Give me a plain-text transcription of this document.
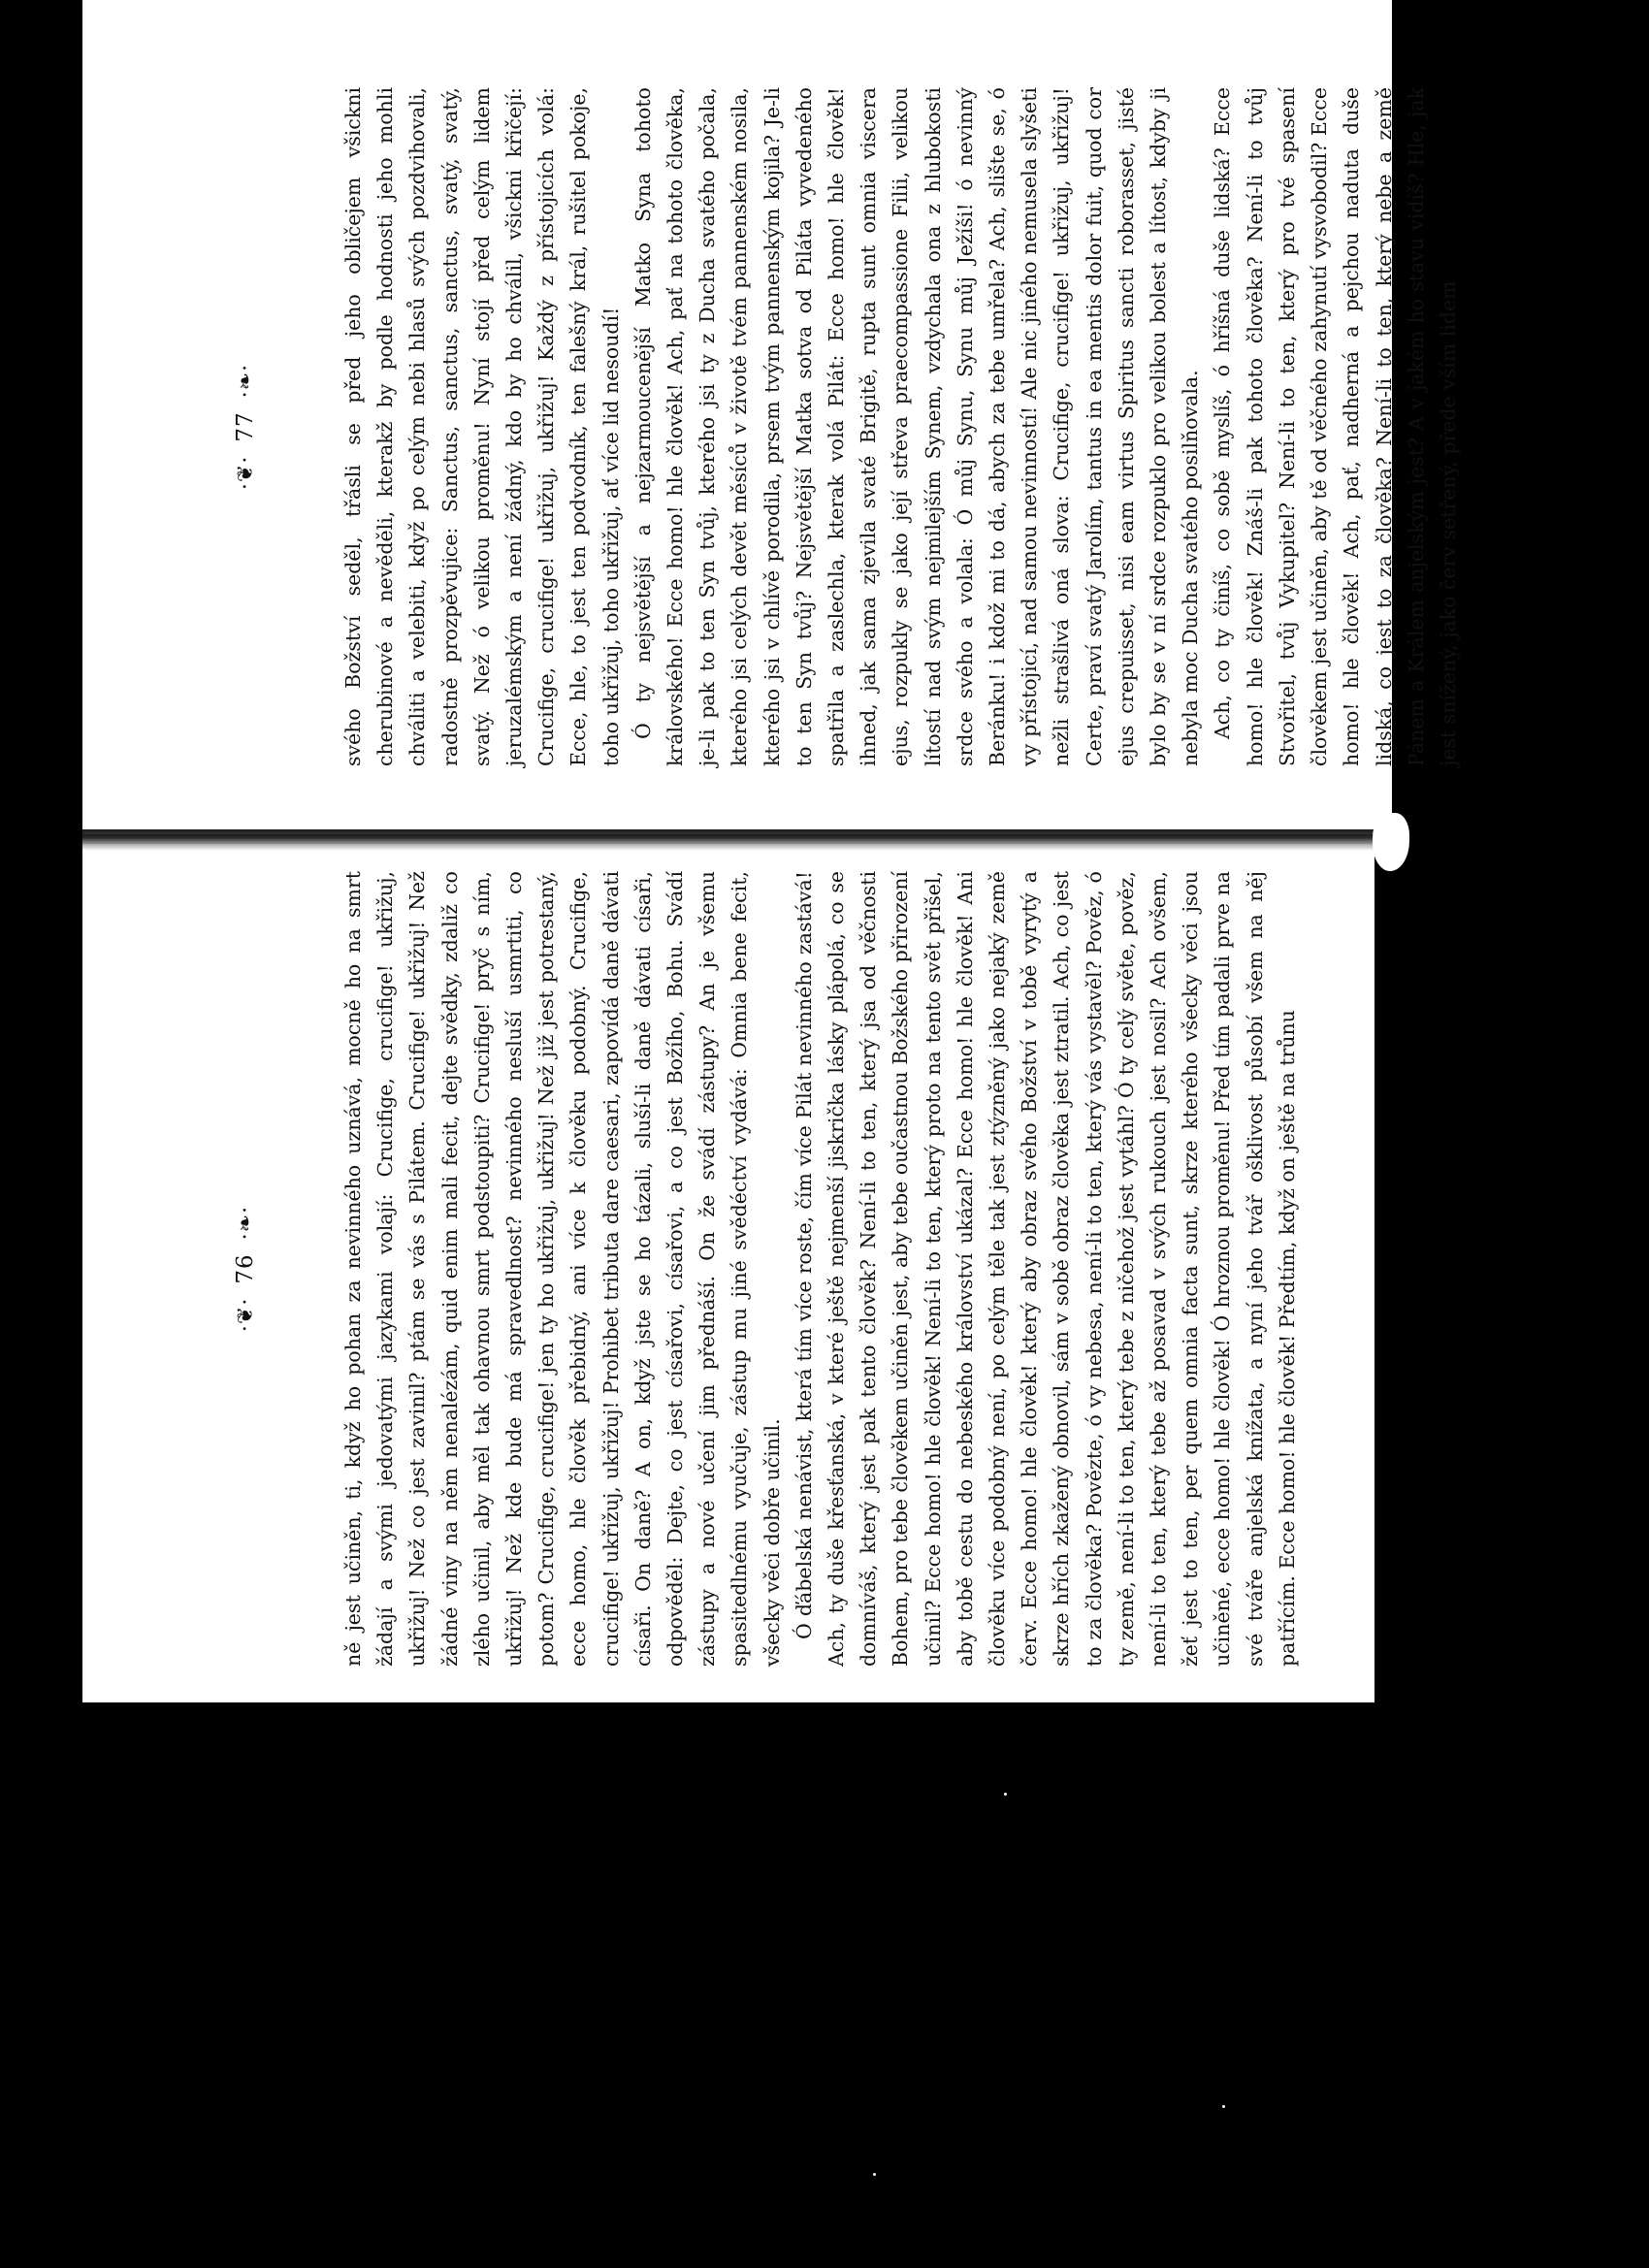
·❦·77·❧·	svého Božství seděl, třásli se před jeho obličejem všickni cherubinové a nevěděli, kterakž by podle hodnosti jeho mohli chváliti a velebiti, když po celým nebi hlasů svých pozdvihovali, radostně prozpěvujice: Sanctus, sanctus, sanctus, svatý, svatý, svatý. Než ó velikou proměnu! Nyní stojí před celým lidem jeruzalémským a není žádný, kdo by ho chválil, všickni křičejí: Crucifige, crucifige! ukřižuj, ukřižuj! Každý z přístojicích volá: Ecce, hle, to jest ten podvodník, ten falešný král, rušitel pokoje, toho ukřižuj, toho ukřižuj, ať více lid nesoudí! Ó ty nejsvětější a nejzarmoucenější Matko Syna tohoto královského! Ecce homo! hle člověk! Ach, pať na tohoto člověka, je-li pak to ten Syn tvůj, kterého jsi ty z Ducha svatého počala, kterého jsi celých devět měsíců v životě tvém pannenském nosila, kterého jsi v chlívě porodila, prsem tvým pannenským kojila? Je-li to ten Syn tvůj? Nejsvětější Matka sotva od Piláta vyvedeného spatřila a zaslechla, kterak volá Pilát: Ecce homo! hle člověk! ihned, jak sama zjevila svaté Brigitě, rupta sunt omnia viscera ejus, rozpukly se jako její střeva praecompassione Filii, velikou lítostí nad svým nejmilejším Synem, vzdychala ona z hlubokosti srdce svého a volala: Ó můj Synu, Synu můj Ježíši! ó nevinný Beránku! i kdož mi to dá, abych za tebe umřela? Ach, slište se, ó vy přístojicí, nad samou nevinností! Ale nic jiného nemusela slyšeti nežli strašlivá oná slova: Crucifige, crucifige! ukřižuj, ukřižuj! Certe, praví svatý Jarolím, tantus in ea mentis dolor fuit, quod cor ejus crepuisset, nisi eam virtus Spiritus sancti roborasset, jisté bylo by se v ní srdce rozpuklo pro velikou bolest a lítost, kdyby ji nebyla moc Ducha svatého posilňovala. Ach, co ty činíš, co sobě myslíš, ó hříšná duše lidská? Ecce homo! hle člověk! Znáš-li pak tohoto člověka? Není-li to tvůj Stvořitel, tvůj Vykupitel? Není-li to ten, který pro tvé spasení člověkem jest učiněn, aby tě od věčného zahynutí vysvobodil? Ecce homo! hle člověk! Ach, pať, nadherná a pejchou naduta duše lidská, co jest to za člověka? Není-li to ten, který nebe a země Pánem a Králem anjelským jest? A v jakém ho stavu vidíš? Hle, jak jest snížený, jako červ setřený, přede vším lidem

·❦·76·❧·	ně jest učiněn, ti, když ho pohan za nevinného uznává, mocně ho na smrt žádají a svými jedovatými jazykami volají: Crucifige, crucifige! ukřižuj, ukřižuj! Než co jest zavinil? ptám se vás s Pilátem. Crucifige! ukřižuj! Než žádné viny na něm nenalézám, quid enim mali fecit, dejte svědky, zdaliž co zlého učinil, aby měl tak ohavnou smrt podstoupiti? Crucifige! pryč s ním, ukřižuj! Než kde bude má spravedlnost? nevinného nesluší usmrtiti, co potom? Crucifige, crucifige! jen ty ho ukřižuj, ukřižuj! Než již jest potrestaný, ecce homo, hle člověk přebidný, ani více k člověku podobný. Crucifige, crucifige! ukřižuj, ukřižuj! Prohibet tributa dare caesari, zapovídá daně dávati císaři. On daně? A on, když jste se ho tázali, sluší-li daně dávati císaři, odpověděl: Dejte, co jest císařovi, císařovi, a co jest Božího, Bohu. Svádí zástupy a nové učení jim přednáší. On že svádí zástupy? An je všemu spasitedlnému vyučuje, zástup mu jiné svědéctví vydává: Omnia bene fecit, všecky věci dobře učinil. Ó ďábelská nenávist, která tím více roste, čím více Pilát nevinného zastává! Ach, ty duše křesťanská, v které ještě nejmenší jiskrička lásky plápolá, co se domníváš, který jest pak tento člověk? Není-li to ten, který jsa od věčnosti Bohem, pro tebe člověkem učiněn jest, aby tebe oučastnou Božského přirození učinil? Ecce homo! hle člověk! Není-li to ten, který proto na tento svět přišel, aby tobě cestu do nebeského království ukázal? Ecce homo! hle člověk! Ani člověku více podobný není, po celým těle tak jest ztýzněný jako nejaký země červ. Ecce homo! hle člověk! který aby obraz svého Božství v tobě vyrytý a skrze hřích zkažený obnovil, sám v sobě obraz člověka jest ztratil. Ach, co jest to za člověka? Povězte, ó vy nebesa, není-li to ten, který vás vystavěl? Pověz, ó ty země, není-li to ten, který tebe z ničehož jest vytáhl? Ó ty celý světe, pověz, není-li to ten, který tebe až posavad v svých rukouch jest nosil? Ach ovšem, žeť jest to ten, per quem omnia facta sunt, skrze kterého všecky věci jsou učiněné, ecce homo! hle člověk! Ó hroznou proměnu! Před tím padali prve na své tváře anjelská knížata, a nyní jeho tvář ošklivost působí všem na něj patřícím. Ecce homo! hle člověk! Předtím, když on ještě na trůnu
